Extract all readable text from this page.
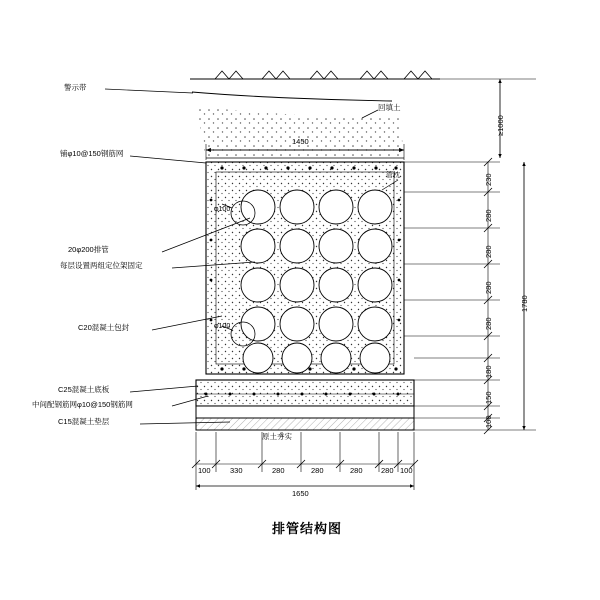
警示带
铺φ10@150钢筋网
20φ200排管
每层设置两组定位架固定
C20混凝土包封
C25混凝土底板
中间配钢筋网φ10@150钢筋网
C15混凝土垫层
回填土
原土夯实
φ100
φ100
管枕
1450
1650
100	330	280	280	280 280 100
230
280
280
280
280
180
150
100
1780
≥1000
排管结构图
